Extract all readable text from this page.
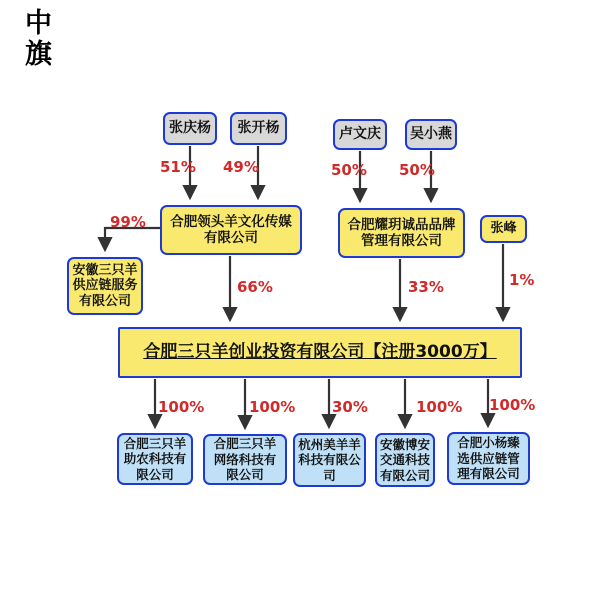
中旗
张庆杨	张开杨	卢文庆	吴小燕
张峰
合肥领头羊文化传媒有限公司
合肥耀玥诚品品牌管理有限公司
安徽三只羊供应链服务有限公司
合肥三只羊创业投资有限公司【注册3000万】
合肥三只羊助农科技有限公司
合肥三只羊网络科技有限公司
杭州美羊羊科技有限公司
安徽博安交通科技有限公司
合肥小杨臻选供应链管理有限公司
51% 49%	50% 50%
99%
66%	33%	1%
100%	100% 30%	100% 100%
